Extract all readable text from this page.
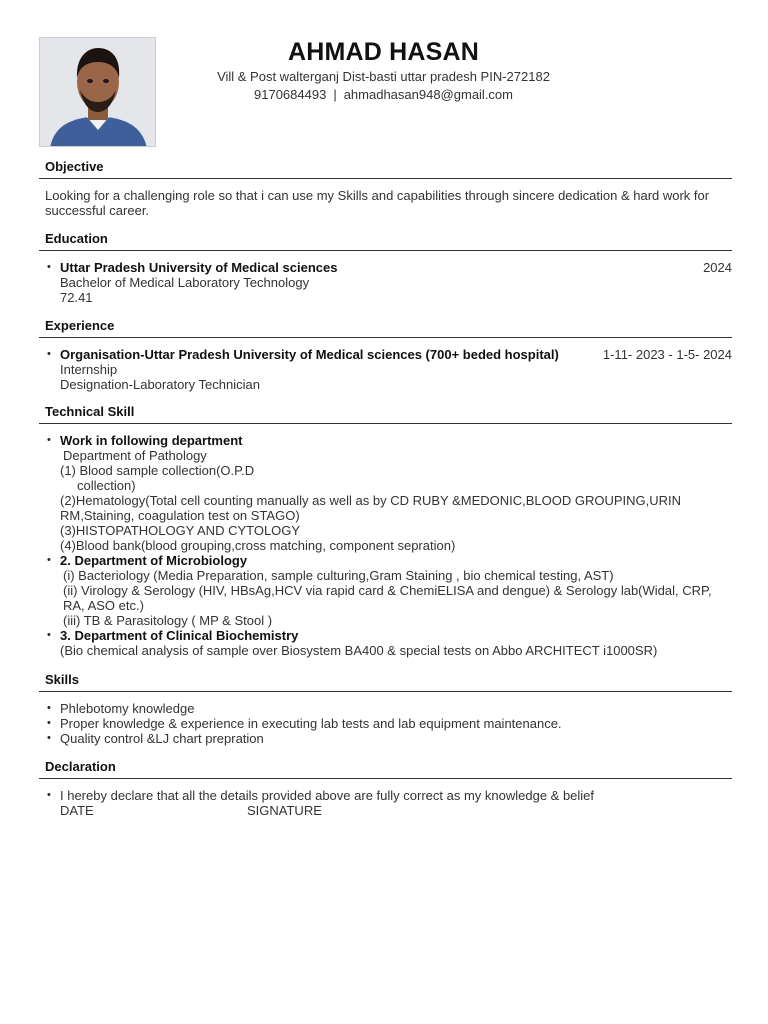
AHMAD HASAN
Vill & Post walterganj Dist-basti uttar pradesh PIN-272182
9170684493 | ahmadhasan948@gmail.com
Objective
Looking for a challenging role so that i can use my Skills and capabilities through sincere dedication & hard work for successful career.
Education
• Uttar Pradesh University of Medical sciences	2024
Bachelor of Medical Laboratory Technology
72.41
Experience
• Organisation-Uttar Pradesh University of Medical sciences (700+ beded hospital)	1-11- 2023 - 1-5- 2024
Internship
Designation-Laboratory Technician
Technical Skill
• Work in following department
Department of Pathology
(1) Blood sample collection(O.P.D
collection)
(2)Hematology(Total cell counting manually as well as by CD RUBY &MEDONIC,BLOOD GROUPING,URIN RM,Staining, coagulation test on STAGO)
(3)HISTOPATHOLOGY AND CYTOLOGY
(4)Blood bank(blood grouping,cross matching, component sepration)
• 2. Department of Microbiology
(i) Bacteriology (Media Preparation, sample culturing,Gram Staining , bio chemical testing, AST)
(ii) Virology & Serology (HIV, HBsAg,HCV via rapid card & ChemiELISA and dengue) & Serology lab(Widal, CRP, RA, ASO etc.)
(iii) TB & Parasitology ( MP & Stool )
• 3. Department of Clinical Biochemistry
(Bio chemical analysis of sample over Biosystem BA400 & special tests on Abbo ARCHITECT i1000SR)
Skills
• Phlebotomy knowledge
• Proper knowledge & experience in executing lab tests and lab equipment maintenance.
• Quality control &LJ chart prepration
Declaration
• I hereby declare that all the details provided above are fully correct as my knowledge & belief
DATE	SIGNATURE
